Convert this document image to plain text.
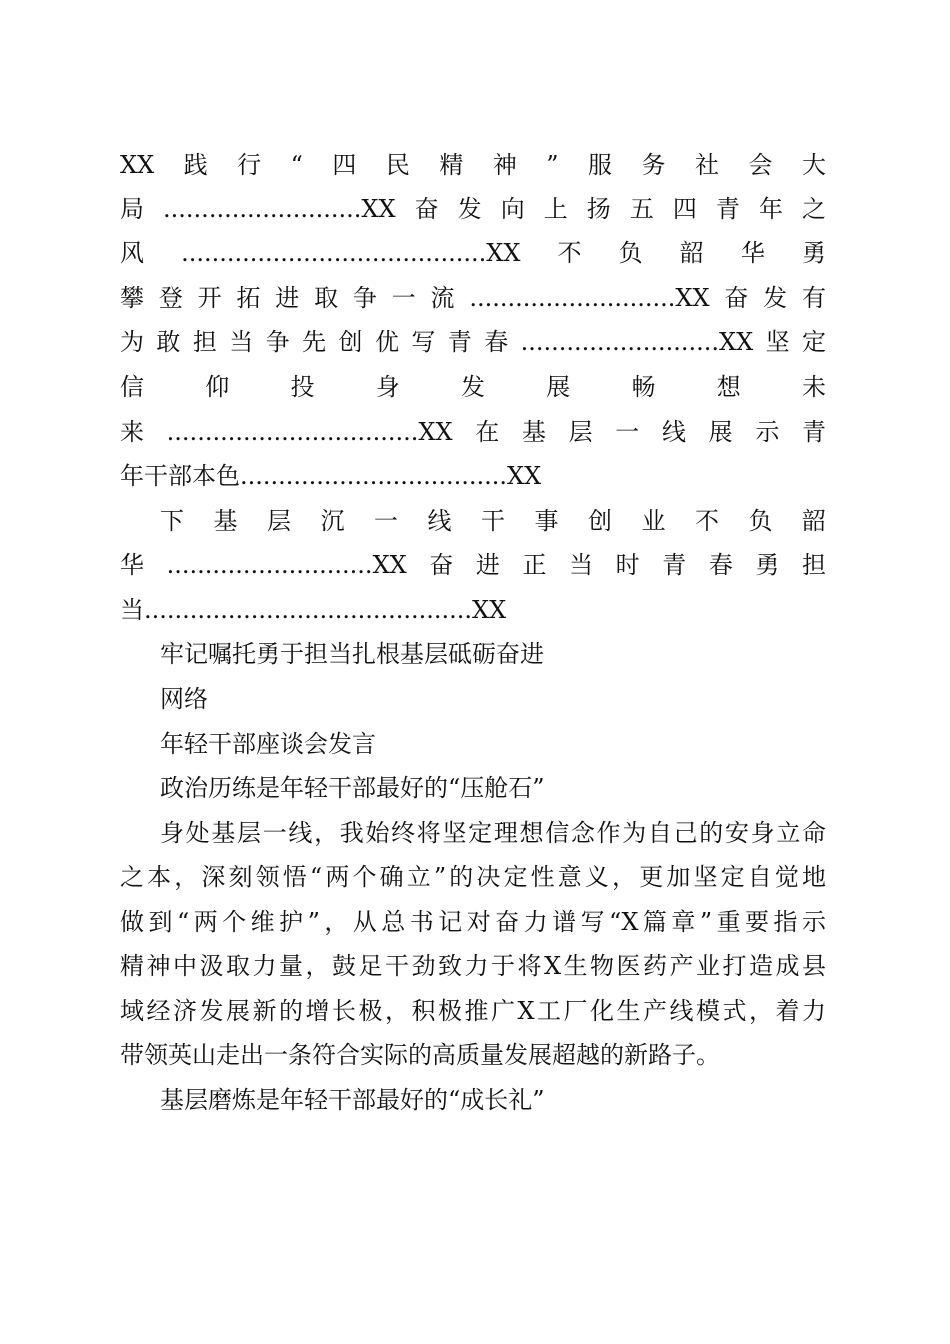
XX践行“四民精神”服务社会大
局..........................XX奋发向上扬五四青年之
风........................................XX不负韶华勇
攀登开拓进取争一流...........................XX奋发有
为敢担当争先创优写青春..........................XX坚定
信仰投身发展畅想未
来.................................XX在基层一线展示青
年干部本色...................................XX
下基层沉一线干事创业不负韶
华...........................XX奋进正当时青春勇担
当...........................................XX
牢记嘱托勇于担当扎根基层砥砺奋进
网络
年轻干部座谈会发言
政治历练是年轻干部最好的“压舱石”
身处基层一线，我始终将坚定理想信念作为自己的安身立命
之本，深刻领悟“两个确立”的决定性意义，更加坚定自觉地
做到“两个维护”，从总书记对奋力谱写“X篇章”重要指示
精神中汲取力量，鼓足干劲致力于将X生物医药产业打造成县
域经济发展新的增长极，积极推广X工厂化生产线模式，着力
带领英山走出一条符合实际的高质量发展超越的新路子。
基层磨炼是年轻干部最好的“成长礼”
